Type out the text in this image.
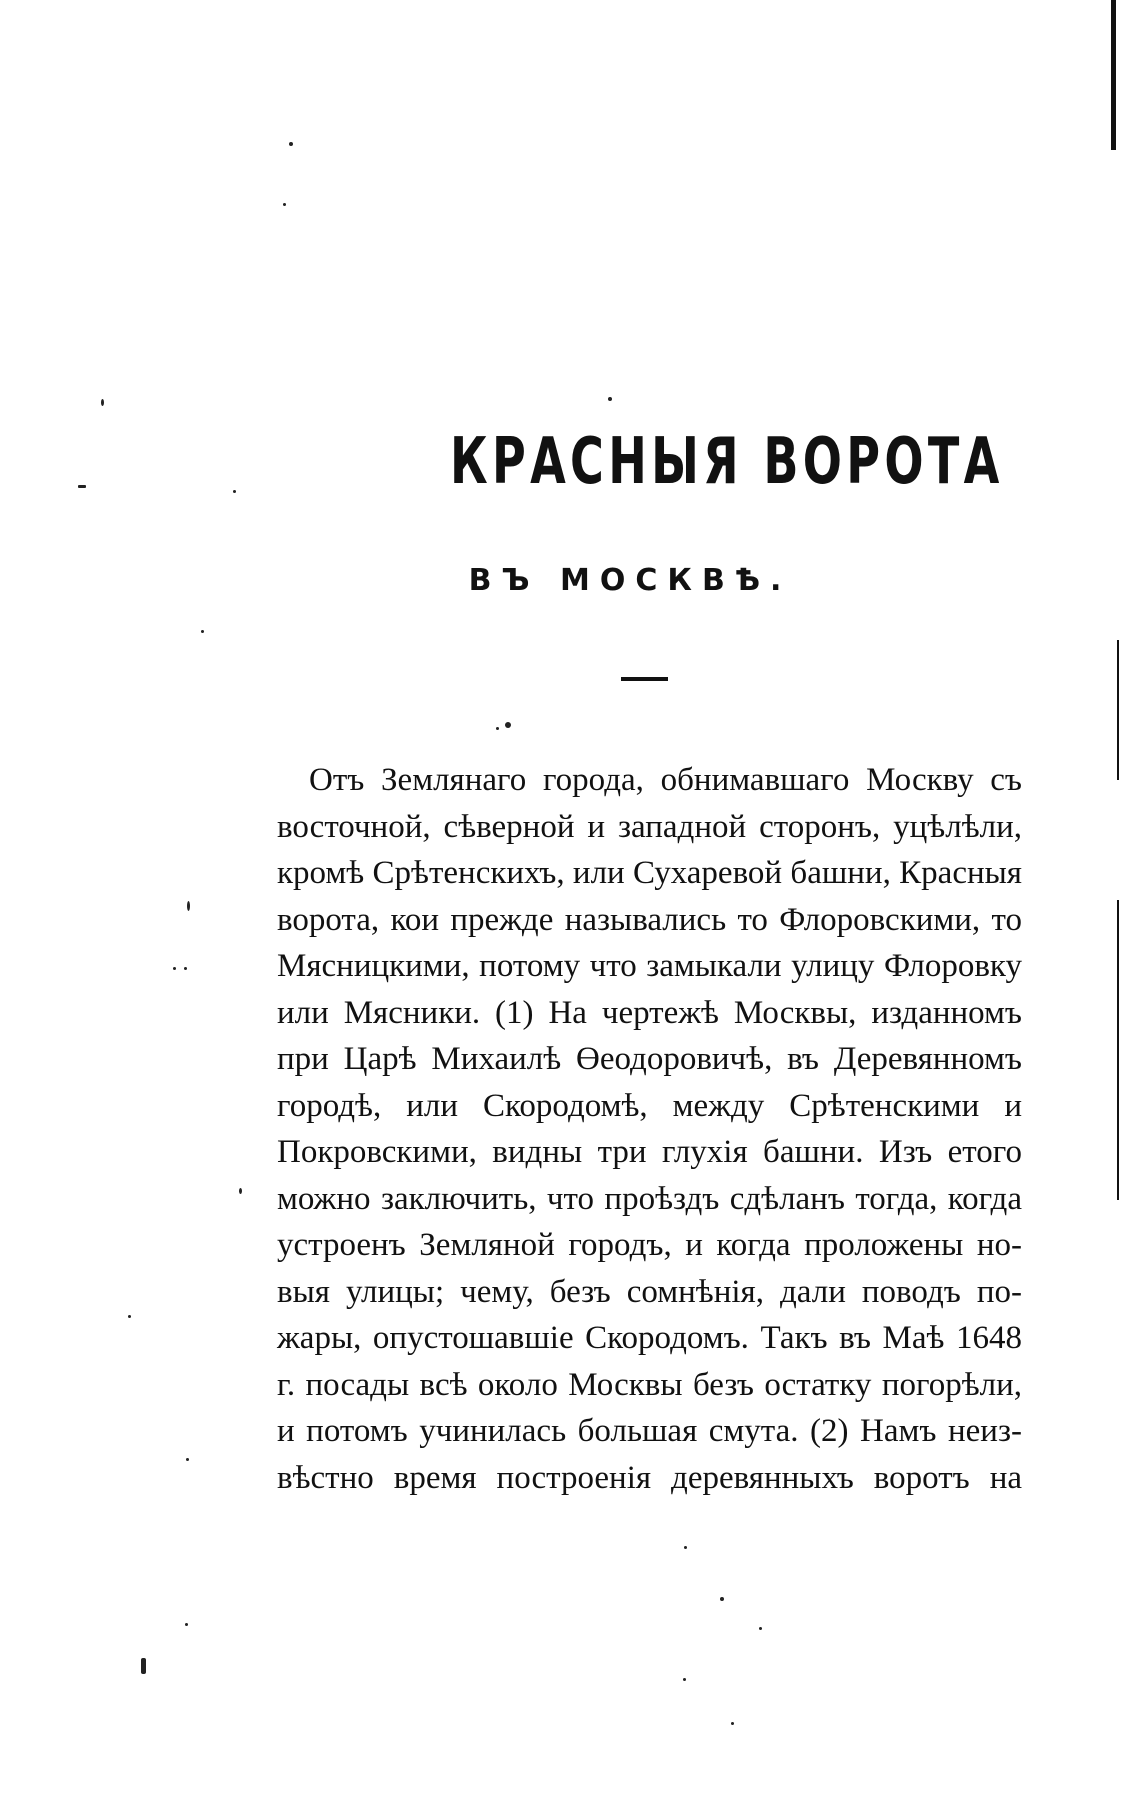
КРАСНЫЯ ВОРОТА
ВЪ МОСКВѢ.
Отъ Землянаго города, обнимавшаго Москву съ
восточной, сѣверной и западной сторонъ, уцѣлѣли,
кромѣ Срѣтенскихъ, или Сухаревой башни, Красныя
ворота, кои прежде назывались то Флоровскими, то
Мясницкими, потому что замыкали улицу Флоровку
или Мясники. (1) На чертежѣ Москвы, изданномъ
при Царѣ Михаилѣ Өеодоровичѣ, въ Деревянномъ
городѣ, или Скородомѣ, между Срѣтенскими и
Покровскими, видны три глухія башни. Изъ етого
можно заключить, что проѣздъ сдѣланъ тогда, когда
устроенъ Земляной городъ, и когда проложены но-
выя улицы; чему, безъ сомнѣнія, дали поводъ по-
жары, опустошавшіе Скородомъ. Такъ въ Маѣ 1648
г. посады всѣ около Москвы безъ остатку погорѣли,
и потомъ учинилась большая смута. (2) Намъ неиз-
вѣстно время построенія деревянныхъ воротъ на
